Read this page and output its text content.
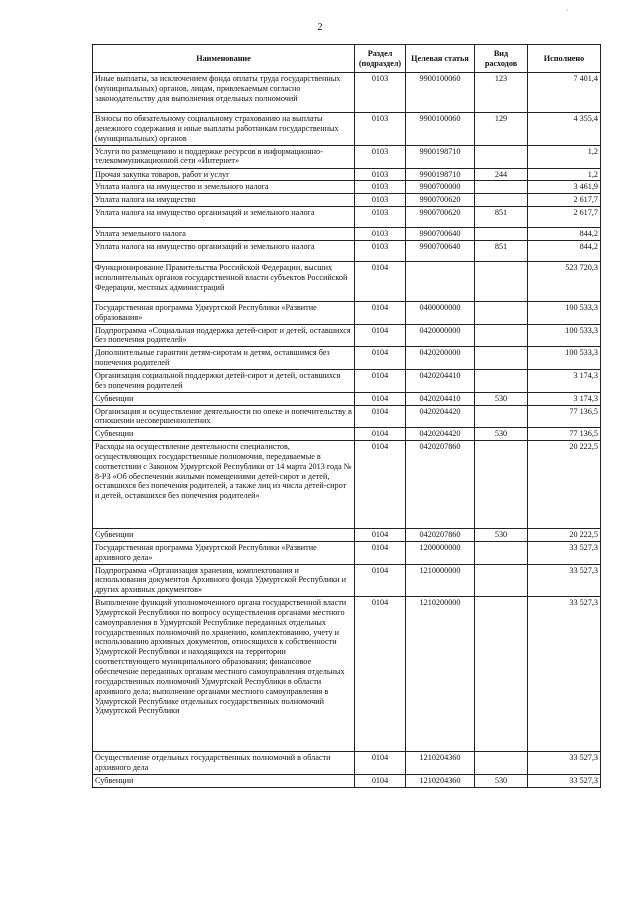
2
·
Наименование	Раздел (подраздел)	Целевая статья	Вид расходов	Исполнено
Иные выплаты, за исключением фонда оплаты труда государственных (муниципальных) органов, лицам, привлекаемым согласно законодательству для выполнения отдельных полномочий	0103	9900100060	123	7 401,4
Взносы по обязательному социальному страхованию на выплаты денежного содержания и иные выплаты работникам государственных (муниципальных) органов	0103	9900100060	129	4 355,4
Услуги по размещению и поддержке ресурсов в информационно-телекоммуникационной сети «Интернет»	0103	9900198710		1,2
Прочая закупка товаров, работ и услуг	0103	9900198710	244	1,2
Уплата налога на имущество и земельного налога	0103	9900700000		3 461,9
Уплата налога на имущество	0103	9900700620		2 617,7
Уплата налога на имущество организаций и земельного налога	0103	9900700620	851	2 617,7
Уплата земельного налога	0103	9900700640		844,2
Уплата налога на имущество организаций и земельного налога	0103	9900700640	851	844,2
Функционирование Правительства Российской Федерации, высших исполнительных органов государственной власти субъектов Российской Федерации, местных администраций	0104			523 720,3
Государственная программа Удмуртской Республики «Развитие образования»	0104	0400000000		100 533,3
Подпрограмма «Социальная поддержка детей-сирот и детей, оставшихся без попечения родителей»	0104	0420000000		100 533,3
Дополнительные гарантии детям-сиротам и детям, оставшимся без попечения родителей	0104	0420200000		100 533,3
Организация социальной поддержки детей-сирот и детей, оставшихся без попечения родителей	0104	0420204410		3 174,3
Субвенции	0104	0420204410	530	3 174,3
Организация и осуществление деятельности по опеке и попечительству в отношении несовершеннолетних	0104	0420204420		77 136,5
Субвенции	0104	0420204420	530	77 136,5
Расходы на осуществление деятельности специалистов, осуществляющих государственные полномочия, передаваемые в соответствии с Законом Удмуртской Республики от 14 марта 2013 года № 8-РЗ «Об обеспечении жилыми помещениями детей-сирот и детей, оставшихся без попечения родителей, а также лиц из числа детей-сирот и детей, оставшихся без попечения родителей»	0104	0420207860		20 222,5
Субвенции	0104	0420207860	530	20 222,5
Государственная программа Удмуртской Республики «Развитие архивного дела»	0104	1200000000		33 527,3
Подпрограмма «Организация хранения, комплектования и использования документов Архивного фонда Удмуртской Республики и других архивных документов»	0104	1210000000		33 527,3
Выполнение функций уполномоченного органа государственной власти Удмуртской Республики по вопросу осуществления органами местного самоуправления в Удмуртской Республике переданных отдельных государственных полномочий по хранению, комплектованию, учету и использованию архивных документов, относящихся к собственности Удмуртской Республики и находящихся на территории соответствующего муниципального образования; финансовое обеспечение переданных органам местного самоуправления отдельных государственных полномочий Удмуртской Республики в области архивного дела; выполнение органами местного самоуправления в Удмуртской Республике отдельных государственных полномочий Удмуртской Республики	0104	1210200000		33 527,3
Осуществление отдельных государственных полномочий в области архивного дела	0104	1210204360		33 527,3
Субвенции	0104	1210204360	530	33 527,3
